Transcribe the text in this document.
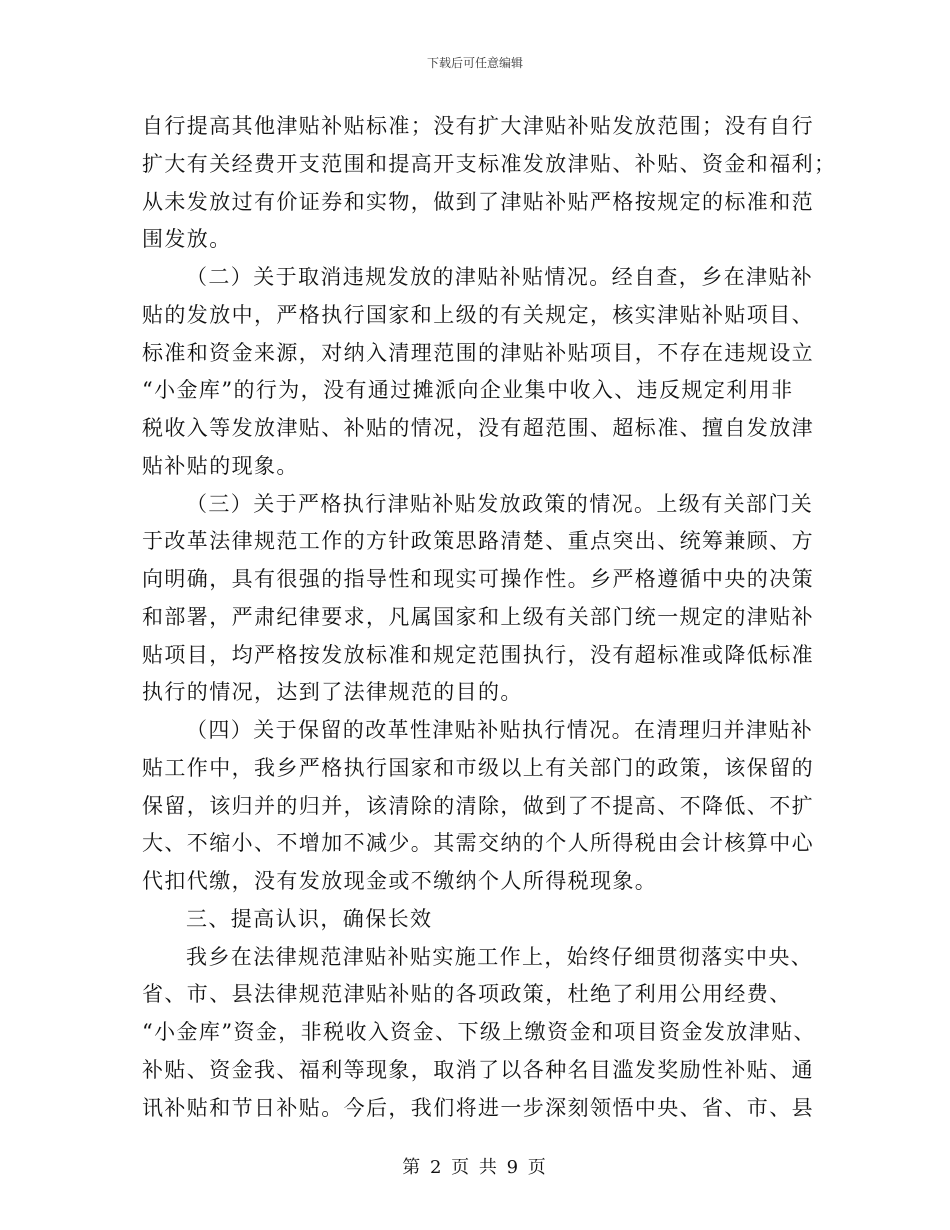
下载后可任意编辑
自行提高其他津贴补贴标准；没有扩大津贴补贴发放范围；没有自行
扩大有关经费开支范围和提高开支标准发放津贴、补贴、资金和福利；
从未发放过有价证券和实物，做到了津贴补贴严格按规定的标准和范
围发放。
（二）关于取消违规发放的津贴补贴情况。经自查，乡在津贴补
贴的发放中，严格执行国家和上级的有关规定，核实津贴补贴项目、
标准和资金来源，对纳入清理范围的津贴补贴项目，不存在违规设立
“小金库”的行为，没有通过摊派向企业集中收入、违反规定利用非
税收入等发放津贴、补贴的情况，没有超范围、超标准、擅自发放津
贴补贴的现象。
（三）关于严格执行津贴补贴发放政策的情况。上级有关部门关
于改革法律规范工作的方针政策思路清楚、重点突出、统筹兼顾、方
向明确，具有很强的指导性和现实可操作性。乡严格遵循中央的决策
和部署，严肃纪律要求，凡属国家和上级有关部门统一规定的津贴补
贴项目，均严格按发放标准和规定范围执行，没有超标准或降低标准
执行的情况，达到了法律规范的目的。
（四）关于保留的改革性津贴补贴执行情况。在清理归并津贴补
贴工作中，我乡严格执行国家和市级以上有关部门的政策，该保留的
保留，该归并的归并，该清除的清除，做到了不提高、不降低、不扩
大、不缩小、不增加不减少。其需交纳的个人所得税由会计核算中心
代扣代缴，没有发放现金或不缴纳个人所得税现象。
三、提高认识，确保长效
我乡在法律规范津贴补贴实施工作上，始终仔细贯彻落实中央、
省、市、县法律规范津贴补贴的各项政策，杜绝了利用公用经费、
“小金库”资金，非税收入资金、下级上缴资金和项目资金发放津贴、
补贴、资金我、福利等现象，取消了以各种名目滥发奖励性补贴、通
讯补贴和节日补贴。今后，我们将进一步深刻领悟中央、省、市、县
第 2 页 共 9 页
